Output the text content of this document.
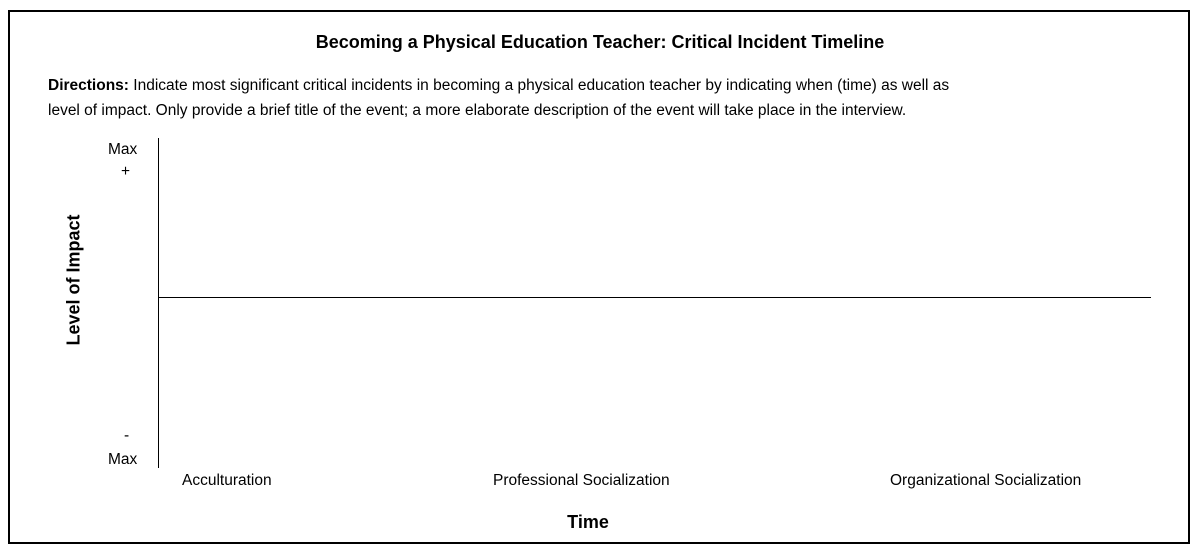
Becoming a Physical Education Teacher: Critical Incident Timeline
Directions: Indicate most significant critical incidents in becoming a physical education teacher by indicating when (time) as well as
level of impact. Only provide a brief title of the event; a more elaborate description of the event will take place in the interview.
Max
+
-
Max
Level of Impact
Acculturation	Professional Socialization	Organizational Socialization
Time
